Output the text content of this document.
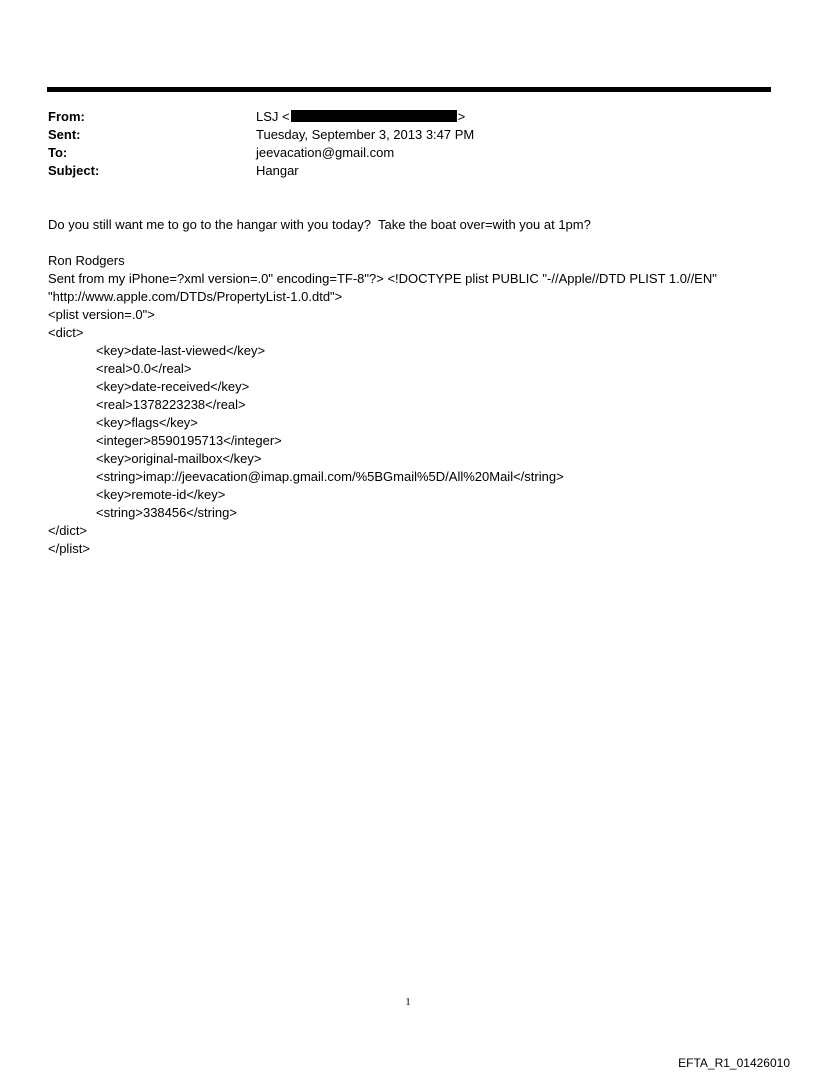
From:	LSJ <	>
Sent:	Tuesday, September 3, 2013 3:47 PM
To:	jeevacation@gmail.com
Subject:	Hangar
Do you still want me to go to the hangar with you today?  Take the boat over=with you at 1pm?
Ron Rodgers
Sent from my iPhone=?xml version=.0" encoding=TF-8"?> <!DOCTYPE plist PUBLIC "-//Apple//DTD PLIST 1.0//EN"
"http://www.apple.com/DTDs/PropertyList-1.0.dtd">
<plist version=.0">
<dict>
<key>date-last-viewed</key>
<real>0.0</real>
<key>date-received</key>
<real>1378223238</real>
<key>flags</key>
<integer>8590195713</integer>
<key>original-mailbox</key>
<string>imap://jeevacation@imap.gmail.com/%5BGmail%5D/All%20Mail</string>
<key>remote-id</key>
<string>338456</string>
</dict>
</plist>
1
EFTA_R1_01426010
